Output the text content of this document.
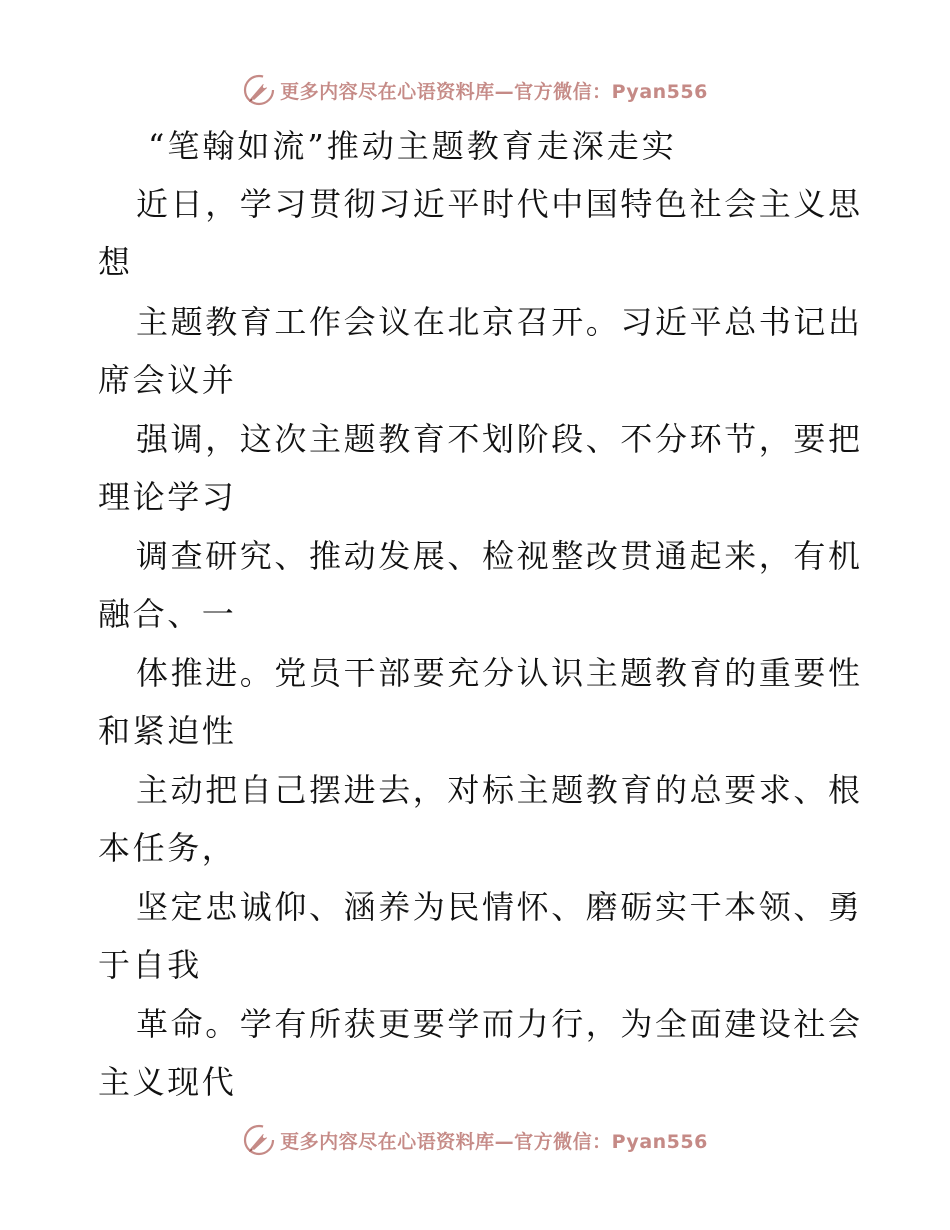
更多内容尽在心语资料库—官方微信：Pyan556
“笔翰如流”推动主题教育走深走实
近日，学习贯彻习近平时代中国特色社会主义思
想
主题教育工作会议在北京召开。习近平总书记出
席会议并
强调，这次主题教育不划阶段、不分环节，要把
理论学习
调查研究、推动发展、检视整改贯通起来，有机
融合、一
体推进。党员干部要充分认识主题教育的重要性
和紧迫性
主动把自己摆进去，对标主题教育的总要求、根
本任务，
坚定忠诚仰、涵养为民情怀、磨砺实干本领、勇
于自我
革命。学有所获更要学而力行，为全面建设社会
主义现代
更多内容尽在心语资料库—官方微信：Pyan556
